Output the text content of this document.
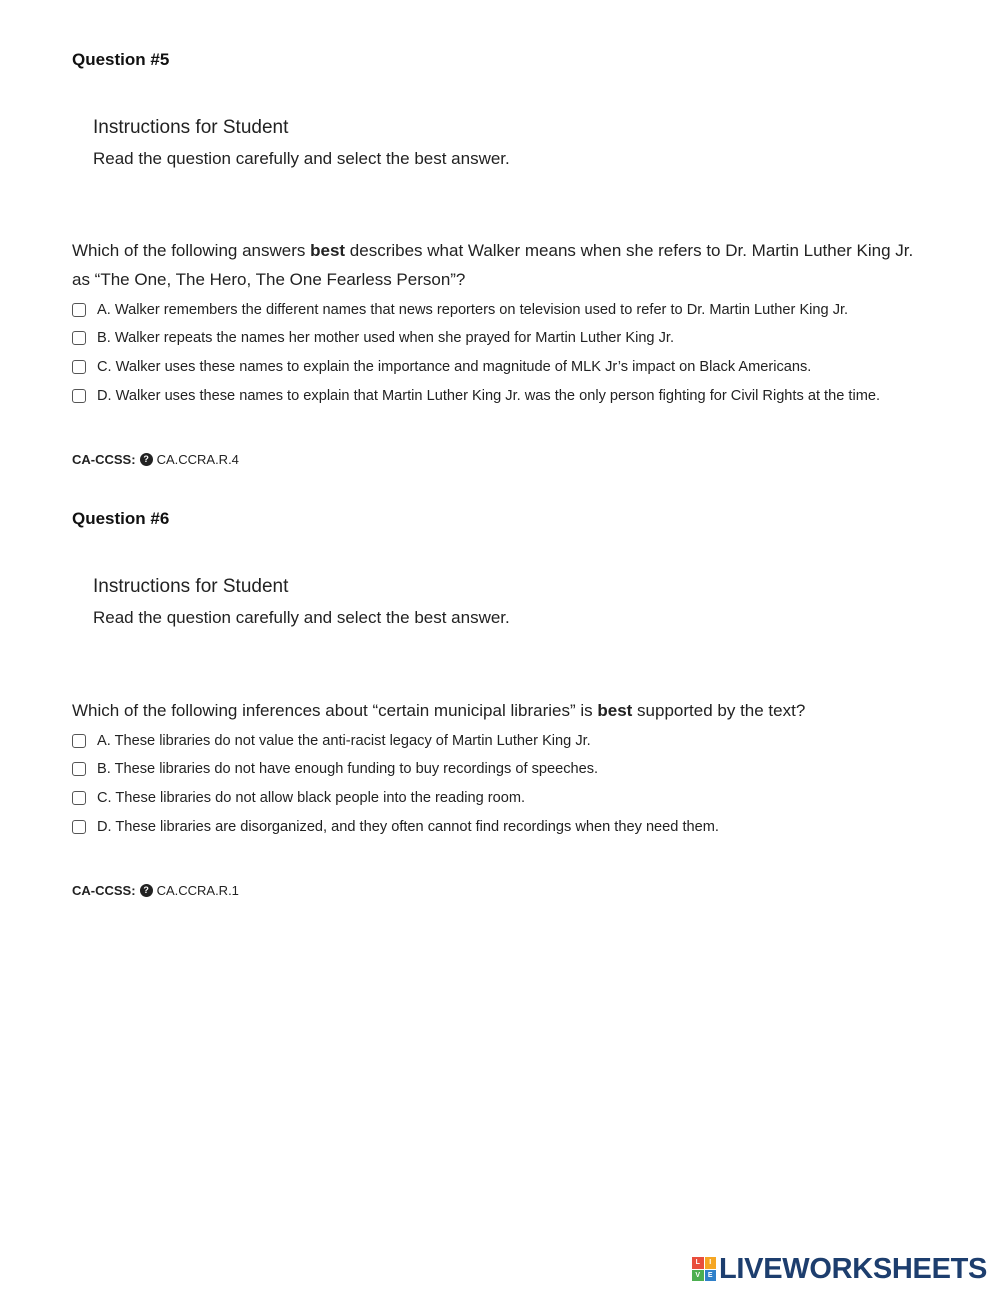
Question #5
Instructions for Student

Read the question carefully and select the best answer.

Which of the following answers best describes what Walker means when she refers to Dr. Martin Luther King Jr. as “The One, The Hero, The One Fearless Person”?

A. Walker remembers the different names that news reporters on television used to refer to Dr. Martin Luther King Jr.
B. Walker repeats the names her mother used when she prayed for Martin Luther King Jr.
C. Walker uses these names to explain the importance and magnitude of MLK Jr’s impact on Black Americans.
D. Walker uses these names to explain that Martin Luther King Jr. was the only person fighting for Civil Rights at the time.
CA-CCSS: ? CA.CCRA.R.4
Question #6
Instructions for Student

Read the question carefully and select the best answer.

Which of the following inferences about “certain municipal libraries” is best supported by the text?

A. These libraries do not value the anti-racist legacy of Martin Luther King Jr.
B. These libraries do not have enough funding to buy recordings of speeches.
C. These libraries do not allow black people into the reading room.
D. These libraries are disorganized, and they often cannot find recordings when they need them.
CA-CCSS: ? CA.CCRA.R.1
L	I
V	E LIVEWORKSHEETS
